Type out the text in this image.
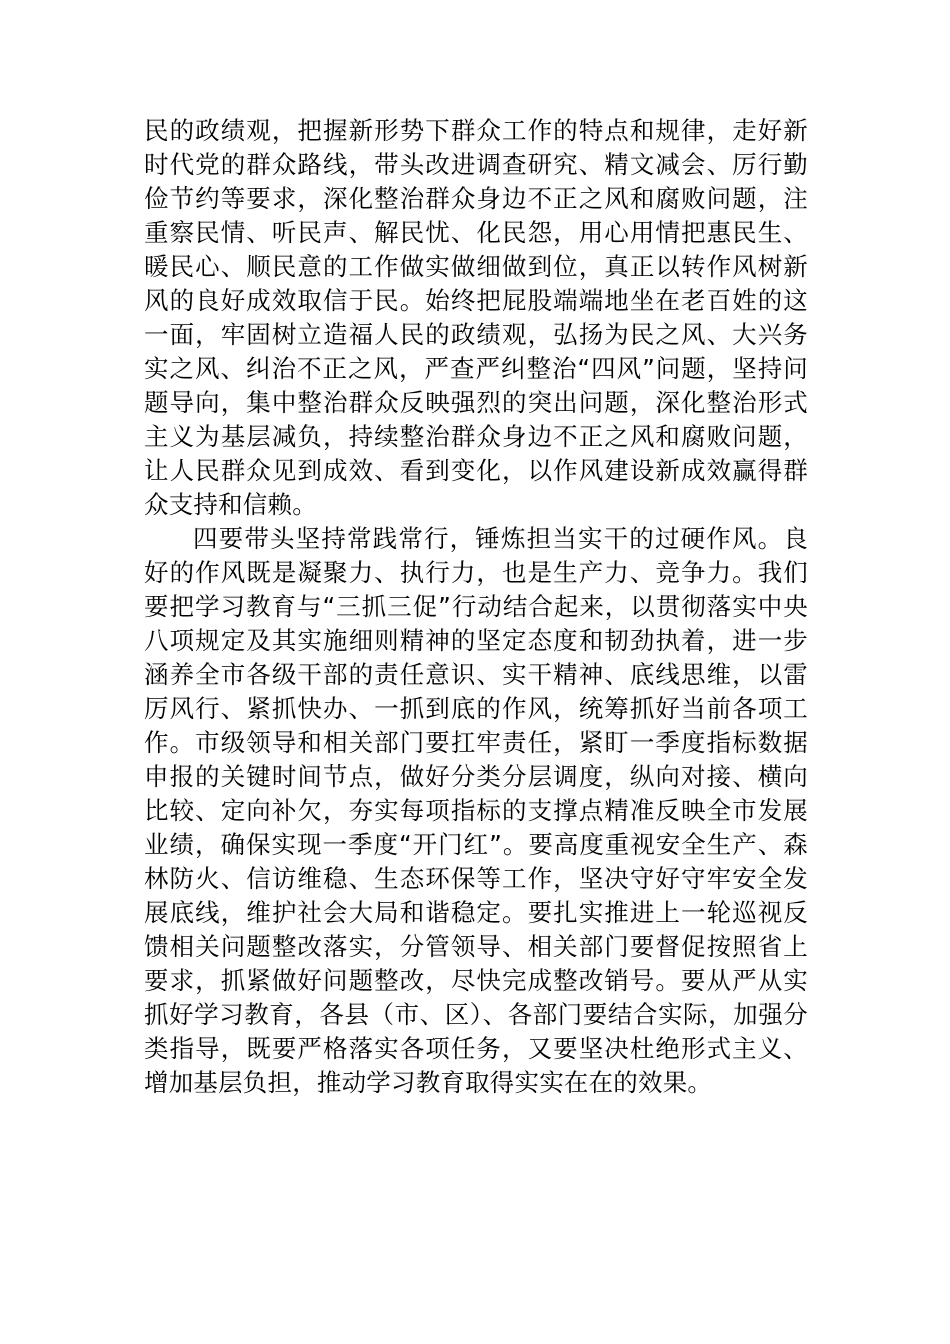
民的政绩观，把握新形势下群众工作的特点和规律，走好新时代党的群众路线，带头改进调查研究、精文减会、厉行勤俭节约等要求，深化整治群众身边不正之风和腐败问题，注重察民情、听民声、解民忧、化民怨，用心用情把惠民生、暖民心、顺民意的工作做实做细做到位，真正以转作风树新风的良好成效取信于民。始终把屁股端端地坐在老百姓的这一面，牢固树立造福人民的政绩观，弘扬为民之风、大兴务实之风、纠治不正之风，严查严纠整治“四风”问题，坚持问题导向，集中整治群众反映强烈的突出问题，深化整治形式主义为基层减负，持续整治群众身边不正之风和腐败问题，让人民群众见到成效、看到变化，以作风建设新成效赢得群众支持和信赖。

四要带头坚持常践常行，锤炼担当实干的过硬作风。良好的作风既是凝聚力、执行力，也是生产力、竞争力。我们要把学习教育与“三抓三促”行动结合起来，以贯彻落实中央八项规定及其实施细则精神的坚定态度和韧劲执着，进一步涵养全市各级干部的责任意识、实干精神、底线思维，以雷厉风行、紧抓快办、一抓到底的作风，统筹抓好当前各项工作。市级领导和相关部门要扛牢责任，紧盯一季度指标数据申报的关键时间节点，做好分类分层调度，纵向对接、横向比较、定向补欠，夯实每项指标的支撑点精准反映全市发展业绩，确保实现一季度“开门红”。要高度重视安全生产、森林防火、信访维稳、生态环保等工作，坚决守好守牢安全发展底线，维护社会大局和谐稳定。要扎实推进上一轮巡视反馈相关问题整改落实，分管领导、相关部门要督促按照省上要求，抓紧做好问题整改，尽快完成整改销号。要从严从实抓好学习教育，各县（市、区）、各部门要结合实际，加强分类指导，既要严格落实各项任务，又要坚决杜绝形式主义、增加基层负担，推动学习教育取得实实在在的效果。
